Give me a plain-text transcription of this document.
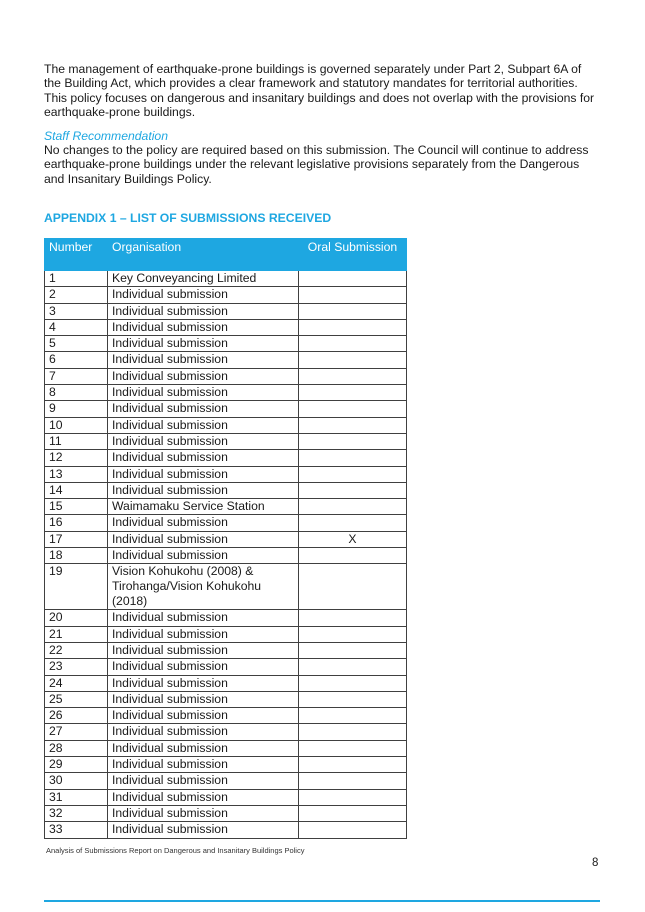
The management of earthquake-prone buildings is governed separately under Part 2, Subpart 6A of the Building Act, which provides a clear framework and statutory mandates for territorial authorities. This policy focuses on dangerous and insanitary buildings and does not overlap with the provisions for earthquake-prone buildings.

Staff Recommendation

No changes to the policy are required based on this submission. The Council will continue to address earthquake-prone buildings under the relevant legislative provisions separately from the Dangerous and Insanitary Buildings Policy.

APPENDIX 1 – LIST OF SUBMISSIONS RECEIVED

Number	Organisation	Oral Submission
1	Key Conveyancing Limited	
2	Individual submission	
3	Individual submission	
4	Individual submission	
5	Individual submission	
6	Individual submission	
7	Individual submission	
8	Individual submission	
9	Individual submission	
10	Individual submission	
11	Individual submission	
12	Individual submission	
13	Individual submission	
14	Individual submission	
15	Waimamaku Service Station	
16	Individual submission	
17	Individual submission	X
18	Individual submission	
19	Vision Kohukohu (2008) & Tirohanga/Vision Kohukohu (2018)	
20	Individual submission	
21	Individual submission	
22	Individual submission	
23	Individual submission	
24	Individual submission	
25	Individual submission	
26	Individual submission	
27	Individual submission	
28	Individual submission	
29	Individual submission	
30	Individual submission	
31	Individual submission	
32	Individual submission	
33	Individual submission	
Analysis of Submissions Report on Dangerous and Insanitary Buildings Policy
8
